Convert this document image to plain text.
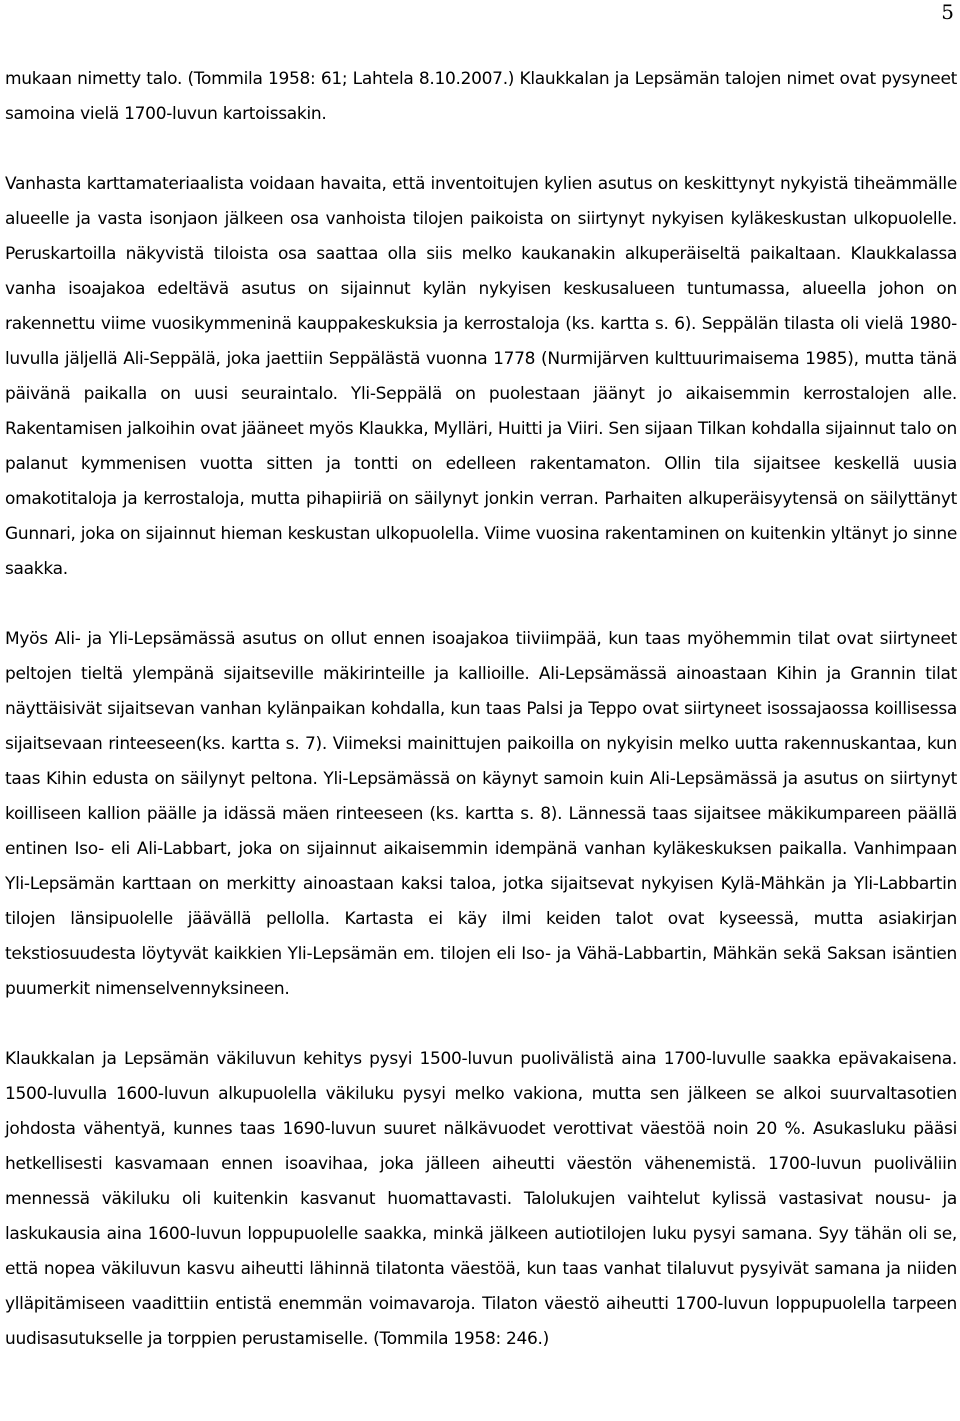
5

mukaan nimetty talo. (Tommila 1958: 61; Lahtela 8.10.2007.) Klaukkalan ja Lepsämän talojen nimet ovat pysyneet samoina vielä 1700-luvun kartoissakin.

Vanhasta karttamateriaalista voidaan havaita, että inventoitujen kylien asutus on keskittynyt nykyistä tiheämmälle alueelle ja vasta isonjaon jälkeen osa vanhoista tilojen paikoista on siirtynyt nykyisen kyläkeskustan ulkopuolelle. Peruskartoilla näkyvistä tiloista osa saattaa olla siis melko kaukanakin alkuperäiseltä paikaltaan. Klaukkalassa vanha isoajakoa edeltävä asutus on sijainnut kylän nykyisen keskusalueen tuntumassa, alueella johon on rakennettu viime vuosikymmeninä kauppakeskuksia ja kerrostaloja (ks. kartta s. 6). Seppälän tilasta oli vielä 1980-luvulla jäljellä Ali-Seppälä, joka jaettiin Seppälästä vuonna 1778 (Nurmijärven kulttuurimaisema 1985), mutta tänä päivänä paikalla on uusi seuraintalo. Yli-Seppälä on puolestaan jäänyt jo aikaisemmin kerrostalojen alle. Rakentamisen jalkoihin ovat jääneet myös Klaukka, Mylläri, Huitti ja Viiri. Sen sijaan Tilkan kohdalla sijainnut talo on palanut kymmenisen vuotta sitten ja tontti on edelleen rakentamaton. Ollin tila sijaitsee keskellä uusia omakotitaloja ja kerrostaloja, mutta pihapiiriä on säilynyt jonkin verran. Parhaiten alkuperäisyytensä on säilyttänyt Gunnari, joka on sijainnut hieman keskustan ulkopuolella. Viime vuosina rakentaminen on kuitenkin yltänyt jo sinne saakka.

Myös Ali- ja Yli-Lepsämässä asutus on ollut ennen isoajakoa tiiviimpää, kun taas myöhemmin tilat ovat siirtyneet peltojen tieltä ylempänä sijaitseville mäkirinteille ja kallioille. Ali-Lepsämässä ainoastaan Kihin ja Grannin tilat näyttäisivät sijaitsevan vanhan kylänpaikan kohdalla, kun taas Palsi ja Teppo ovat siirtyneet isossajaossa koillisessa sijaitsevaan rinteeseen(ks. kartta s. 7). Viimeksi mainittujen paikoilla on nykyisin melko uutta rakennuskantaa, kun taas Kihin edusta on säilynyt peltona. Yli-Lepsämässä on käynyt samoin kuin Ali-Lepsämässä ja asutus on siirtynyt koilliseen kallion päälle ja idässä mäen rinteeseen (ks. kartta s. 8). Lännessä taas sijaitsee mäkikumpareen päällä entinen Iso- eli Ali-Labbart, joka on sijainnut aikaisemmin idempänä vanhan kyläkeskuksen paikalla. Vanhimpaan Yli-Lepsämän karttaan on merkitty ainoastaan kaksi taloa, jotka sijaitsevat nykyisen Kylä-Mähkän ja Yli-Labbartin tilojen länsipuolelle jäävällä pellolla. Kartasta ei käy ilmi keiden talot ovat kyseessä, mutta asiakirjan tekstiosuudesta löytyvät kaikkien Yli-Lepsämän em. tilojen eli Iso- ja Vähä-Labbartin, Mähkän sekä Saksan isäntien puumerkit nimenselvennyksineen.

Klaukkalan ja Lepsämän väkiluvun kehitys pysyi 1500-luvun puolivälistä aina 1700-luvulle saakka epävakaisena. 1500-luvulla 1600-luvun alkupuolella väkiluku pysyi melko vakiona, mutta sen jälkeen se alkoi suurvaltasotien johdosta vähentyä, kunnes taas 1690-luvun suuret nälkävuodet verottivat väestöä noin 20 %. Asukasluku pääsi hetkellisesti kasvamaan ennen isoavihaa, joka jälleen aiheutti väestön vähenemistä. 1700-luvun puoliväliin mennessä väkiluku oli kuitenkin kasvanut huomattavasti. Talolukujen vaihtelut kylissä vastasivat nousu- ja laskukausia aina 1600-luvun loppupuolelle saakka, minkä jälkeen autiotilojen luku pysyi samana. Syy tähän oli se, että nopea väkiluvun kasvu aiheutti lähinnä tilatonta väestöä, kun taas vanhat tilaluvut pysyivät samana ja niiden ylläpitämiseen vaadittiin entistä enemmän voimavaroja. Tilaton väestö aiheutti 1700-luvun loppupuolella tarpeen uudisasutukselle ja torppien perustamiselle. (Tommila 1958: 246.)
